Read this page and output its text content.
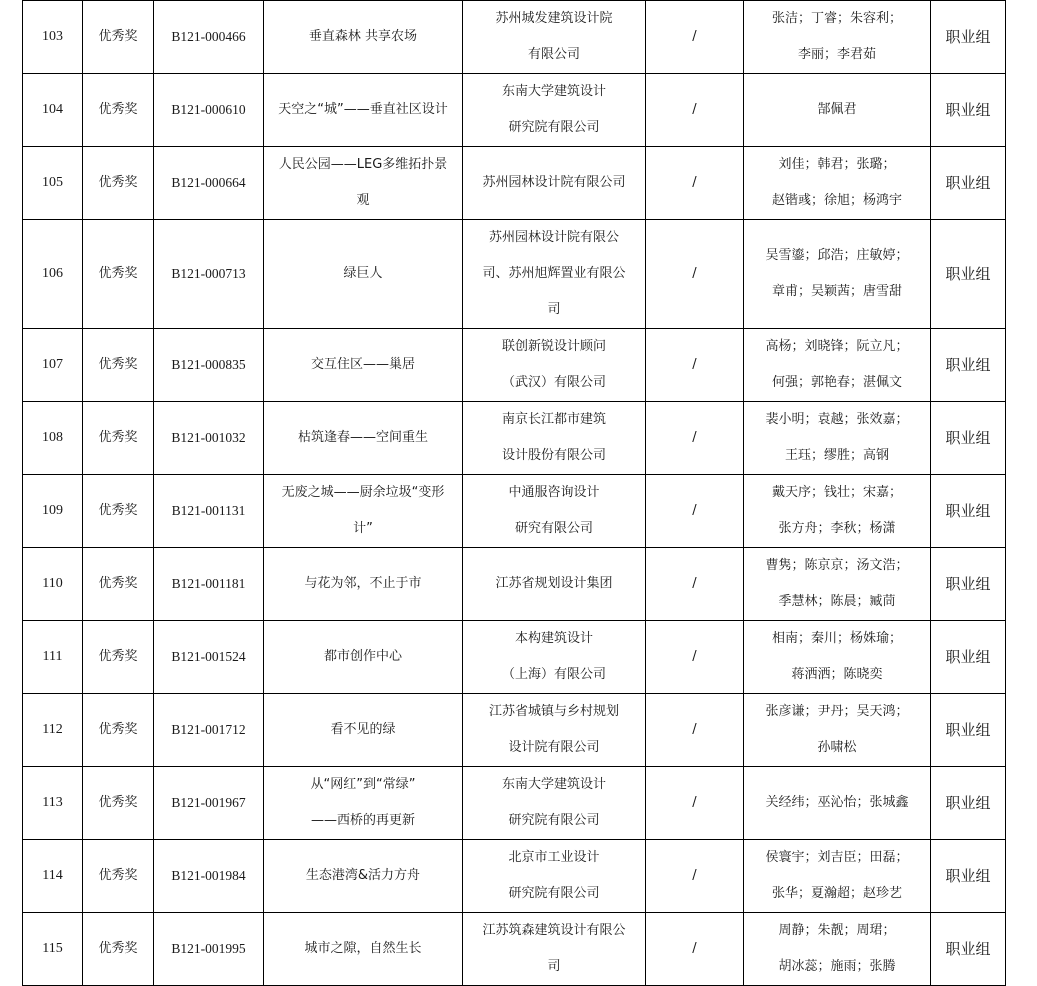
103	优秀奖	B121-000466	垂直森林 共享农场	苏州城发建筑设计院
有限公司	/	张洁；丁睿；朱容利；
李丽；李君茹	职业组
104	优秀奖	B121-000610	天空之“城”——垂直社区设计	东南大学建筑设计
研究院有限公司	/	郜佩君	职业组
105	优秀奖	B121-000664	人民公园——LEG多维拓扑景
观	苏州园林设计院有限公司	/	刘佳；韩君；张璐；
赵锴彧；徐旭；杨鸿宇	职业组
106	优秀奖	B121-000713	绿巨人	苏州园林设计院有限公
司、苏州旭辉置业有限公
司	/	吴雪鎏；邱浩；庄敏婷；
章甫；吴颖茜；唐雪甜	职业组
107	优秀奖	B121-000835	交互住区——巢居	联创新锐设计顾问
（武汉）有限公司	/	高杨；刘晓锋；阮立凡；
何强；郭艳春；湛佩文	职业组
108	优秀奖	B121-001032	枯筑逢春——空间重生	南京长江都市建筑
设计股份有限公司	/	裴小明；袁越；张效嘉；
王珏；缪胜；高钢	职业组
109	优秀奖	B121-001131	无废之城——厨余垃圾“变形
计”	中通服咨询设计
研究有限公司	/	戴天序；钱壮；宋嘉；
张方舟；李秋；杨潇	职业组
110	优秀奖	B121-001181	与花为邻，不止于市	江苏省规划设计集团	/	曹隽；陈京京；汤文浩；
季慧林；陈晨；臧茼	职业组
111	优秀奖	B121-001524	都市创作中心	本构建筑设计
（上海）有限公司	/	相南；秦川；杨姝瑜；
蒋洒洒；陈晓奕	职业组
112	优秀奖	B121-001712	看不见的绿	江苏省城镇与乡村规划
设计院有限公司	/	张彦谦；尹丹；吴天鸿；
孙啸松	职业组
113	优秀奖	B121-001967	从“网红”到“常绿”
——西桥的再更新	东南大学建筑设计
研究院有限公司	/	关经纬；巫沁怡；张城鑫	职业组
114	优秀奖	B121-001984	生态港湾&活力方舟	北京市工业设计
研究院有限公司	/	侯寰宇；刘吉臣；田磊；
张华；夏瀚超；赵珍艺	职业组
115	优秀奖	B121-001995	城市之隙，自然生长	江苏筑森建筑设计有限公
司	/	周静；朱靓；周珺；
胡冰蕊；施雨；张腾	职业组
